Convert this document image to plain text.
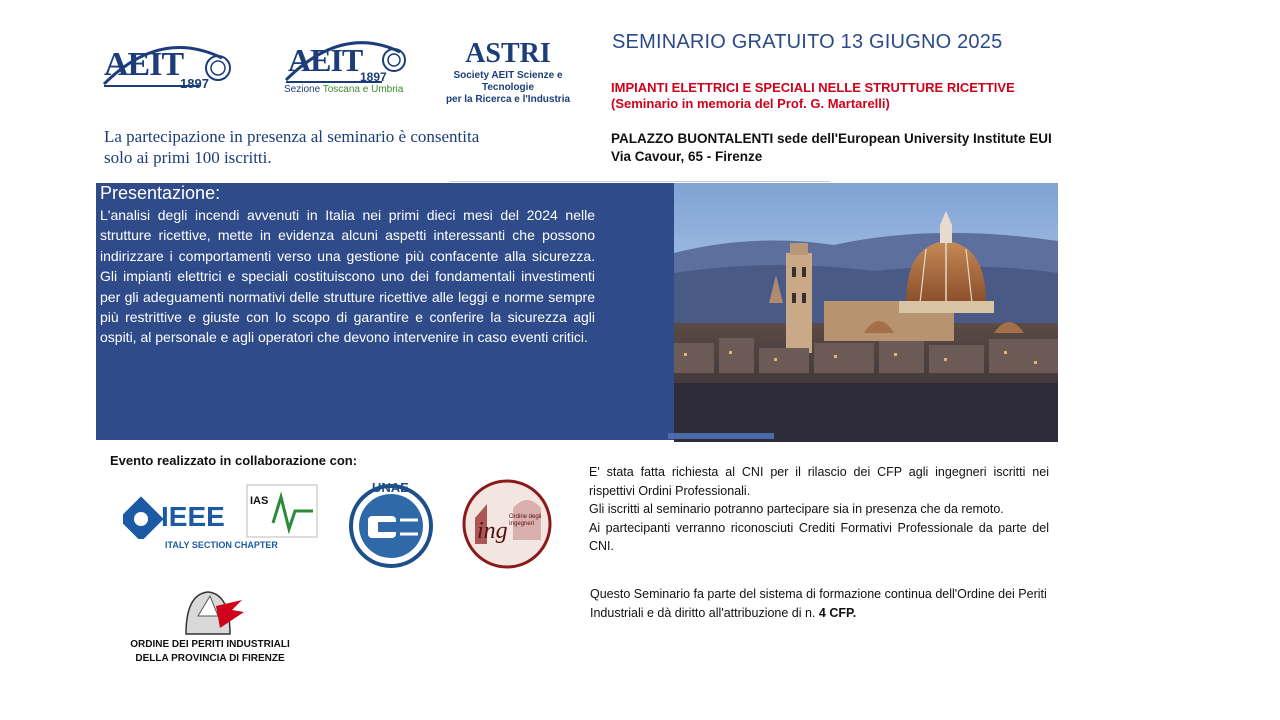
AEIT
1897
AEIT
1897
Sezione Toscana e Umbria
ASTRI
Society AEIT Scienze e Tecnologie
per la Ricerca e l'Industria
SEMINARIO GRATUITO 13 GIUGNO 2025
IMPIANTI ELETTRICI E SPECIALI NELLE STRUTTURE RICETTIVE
(Seminario in memoria del Prof. G. Martarelli)
PALAZZO BUONTALENTI sede dell'European University Institute EUI
Via Cavour, 65 - Firenze
La partecipazione in presenza al seminario è consentita
solo ai primi 100 iscritti.
Presentazione:
L'analisi degli incendi avvenuti in Italia nei primi dieci mesi del 2024 nelle strutture ricettive, mette in evidenza alcuni aspetti interessanti che possono indirizzare i comportamenti verso una gestione più confacente alla sicurezza. Gli impianti elettrici e speciali costituiscono uno dei fondamentali investimenti per gli adeguamenti normativi delle strutture ricettive alle leggi e norme sempre più restrittive e giuste con lo scopo di garantire e conferire la sicurezza agli ospiti, al personale e agli operatori che devono intervenire in caso eventi critici.
Evento realizzato in collaborazione con:
IEEE IAS
ITALY SECTION CHAPTER
UNAE
ing
Ordine degli Ingegneri
ORDINE DEI PERITI INDUSTRIALI
DELLA PROVINCIA DI FIRENZE
E' stata fatta richiesta al CNI per il rilascio dei CFP agli ingegneri iscritti nei rispettivi Ordini Professionali.
Gli iscritti al seminario potranno partecipare sia in presenza che da remoto.
Ai partecipanti verranno riconosciuti Crediti Formativi Professionale da parte del CNI.
Questo Seminario fa parte del sistema di formazione continua dell'Ordine dei Periti Industriali e dà diritto all'attribuzione di n. 4 CFP.
